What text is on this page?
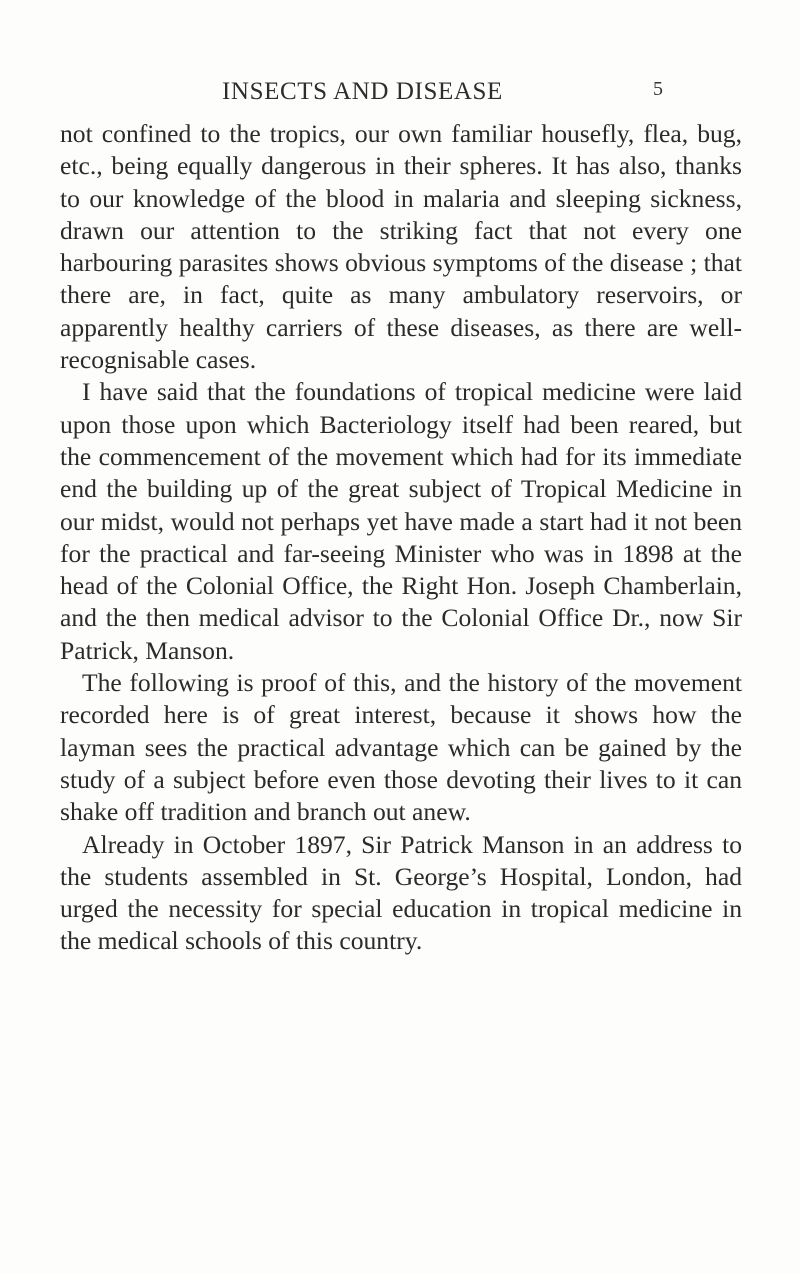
INSECTS AND DISEASE	5

not confined to the tropics, our own familiar housefly, flea, bug, etc., being equally dangerous in their spheres. It has also, thanks to our knowledge of the blood in malaria and sleeping sickness, drawn our attention to the striking fact that not every one harbouring parasites shows obvious symptoms of the disease ; that there are, in fact, quite as many ambulatory reservoirs, or apparently healthy carriers of these diseases, as there are well-recognisable cases.

I have said that the foundations of tropical medicine were laid upon those upon which Bacteriology itself had been reared, but the commencement of the movement which had for its immediate end the building up of the great subject of Tropical Medicine in our midst, would not perhaps yet have made a start had it not been for the practical and far-seeing Minister who was in 1898 at the head of the Colonial Office, the Right Hon. Joseph Chamberlain, and the then medical advisor to the Colonial Office Dr., now Sir Patrick, Manson.

The following is proof of this, and the history of the movement recorded here is of great interest, because it shows how the layman sees the practical advantage which can be gained by the study of a subject before even those devoting their lives to it can shake off tradition and branch out anew.

Already in October 1897, Sir Patrick Manson in an address to the students assembled in St. George’s Hospital, London, had urged the necessity for special education in tropical medicine in the medical schools of this country.
